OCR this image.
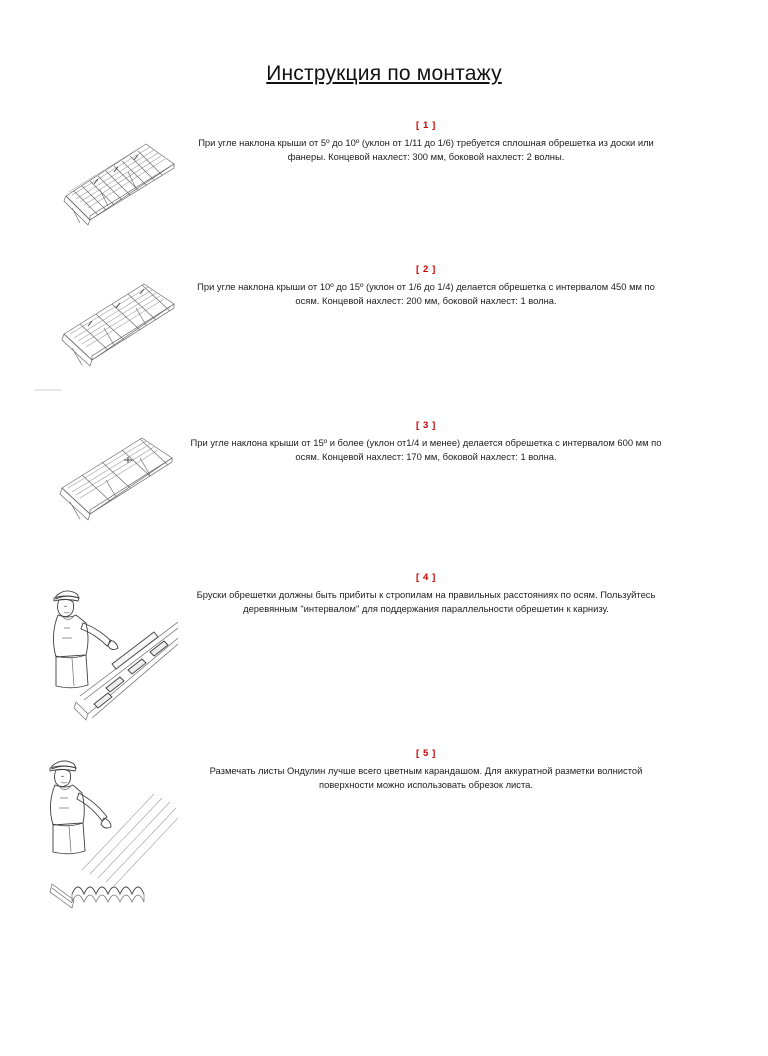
Инструкция по монтажу
[ 1 ]
При угле наклона крыши от 5º до 10º (уклон от 1/11 до 1/6) требуется сплошная обрешетка из доски или фанеры. Концевой нахлест: 300 мм, боковой нахлест: 2 волны.
[ 2 ]
При угле наклона крыши от 10º до 15º (уклон от 1/6 до 1/4) делается обрешетка с интервалом 450 мм по осям. Концевой нахлест: 200 мм, боковой нахлест: 1 волна.
[ 3 ]
При угле наклона крыши от 15º и более (уклон от1/4 и менее) делается обрешетка с интервалом 600 мм по осям. Концевой нахлест: 170 мм, боковой нахлест: 1 волна.
[ 4 ]
Бруски обрешетки должны быть прибиты к стропилам на правильных расстояниях по осям. Пользуйтесь деревянным "интервалом" для поддержания параллельности обрешетин к карнизу.
[ 5 ]
Размечать листы Ондулин лучше всего цветным карандашом. Для аккуратной разметки волнистой поверхности можно использовать обрезок листа.
